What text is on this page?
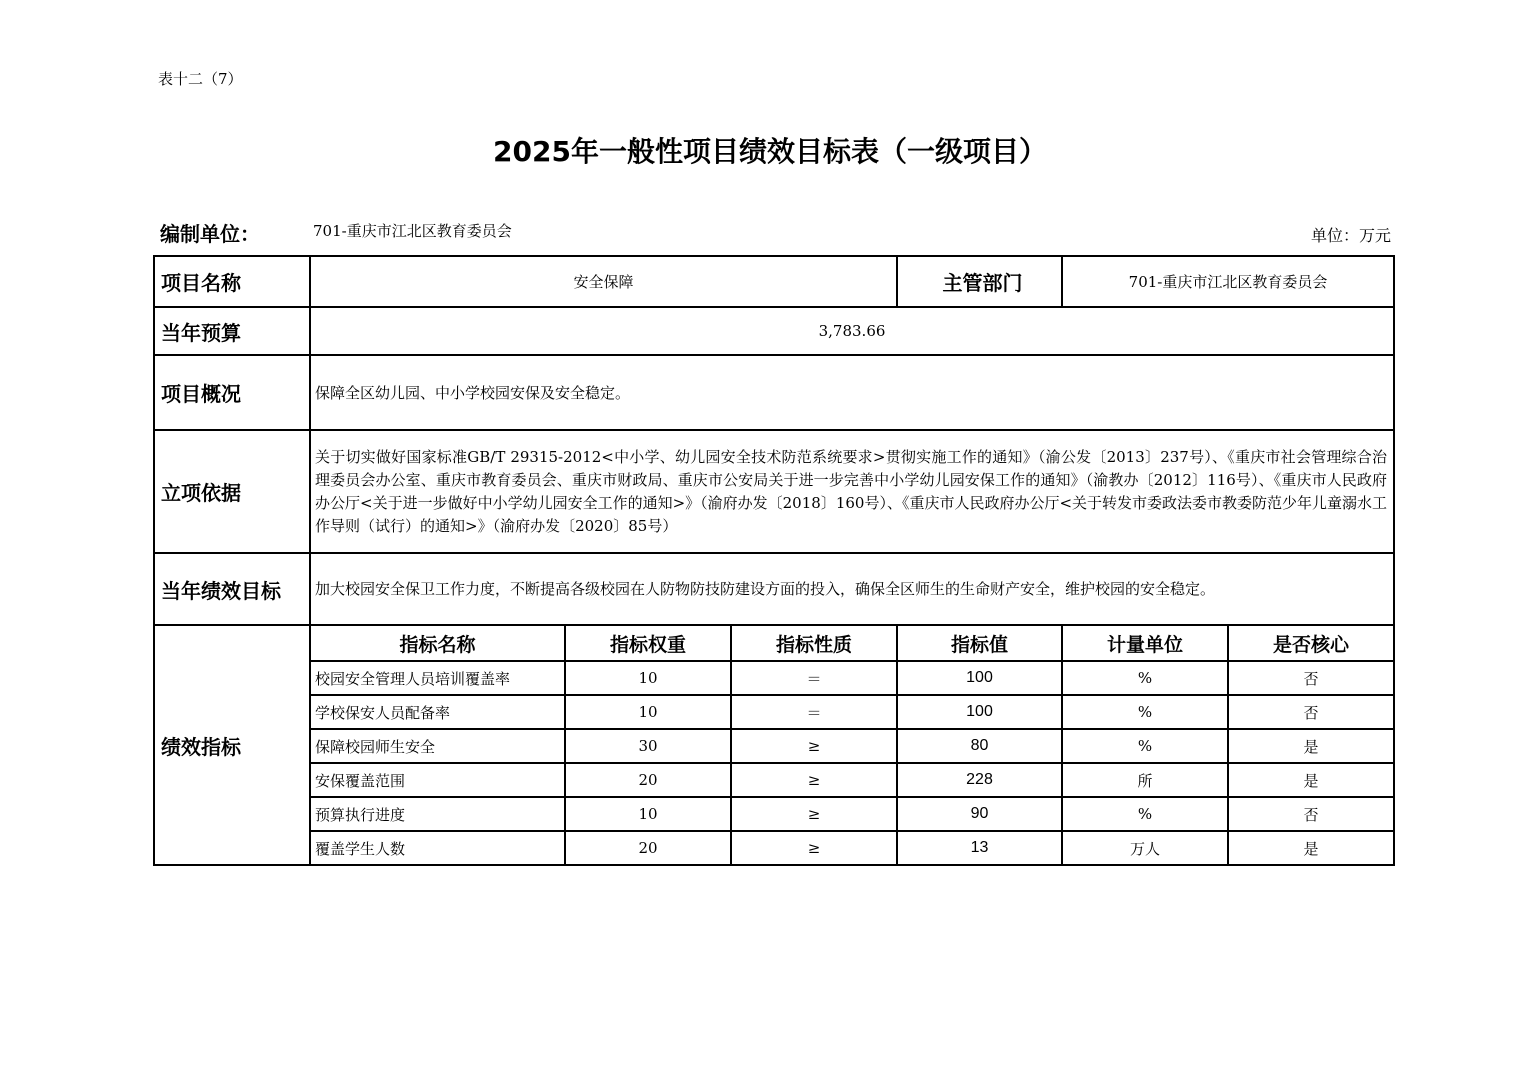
表十二（7）
2025年一般性项目绩效目标表（一级项目）
编制单位：	701-重庆市江北区教育委员会	单位：万元
项目名称	安全保障			主管部门	701-重庆市江北区教育委员会	
当年预算	3,783.66					
项目概况	保障全区幼儿园、中小学校园安保及安全稳定。					
立项依据	关于切实做好国家标准GB/T 29315-2012<中小学、幼儿园安全技术防范系统要求>贯彻实施工作的通知》（渝公发〔2013〕237号）、《重庆市社会管理综合治理委员会办公室、重庆市教育委员会、重庆市财政局、重庆市公安局关于进一步完善中小学幼儿园安保工作的通知》（渝教办〔2012〕116号）、《重庆市人民政府办公厅<关于进一步做好中小学幼儿园安全工作的通知>》（渝府办发〔2018〕160号）、《重庆市人民政府办公厅<关于转发市委政法委市教委防范少年儿童溺水工作导则（试行）的通知>》（渝府办发〔2020〕85号）					
当年绩效目标	加大校园安全保卫工作力度，不断提高各级校园在人防物防技防建设方面的投入，确保全区师生的生命财产安全，维护校园的安全稳定。					
绩效指标	指标名称	指标权重	指标性质	指标值	计量单位	是否核心
	校园安全管理人员培训覆盖率	10	＝	100	%	否
	学校保安人员配备率	10	＝	100	%	否
	保障校园师生安全	30	≥	80	%	是
	安保覆盖范围	20	≥	228	所	是
	预算执行进度	10	≥	90	%	否
	覆盖学生人数	20	≥	13	万人	是
